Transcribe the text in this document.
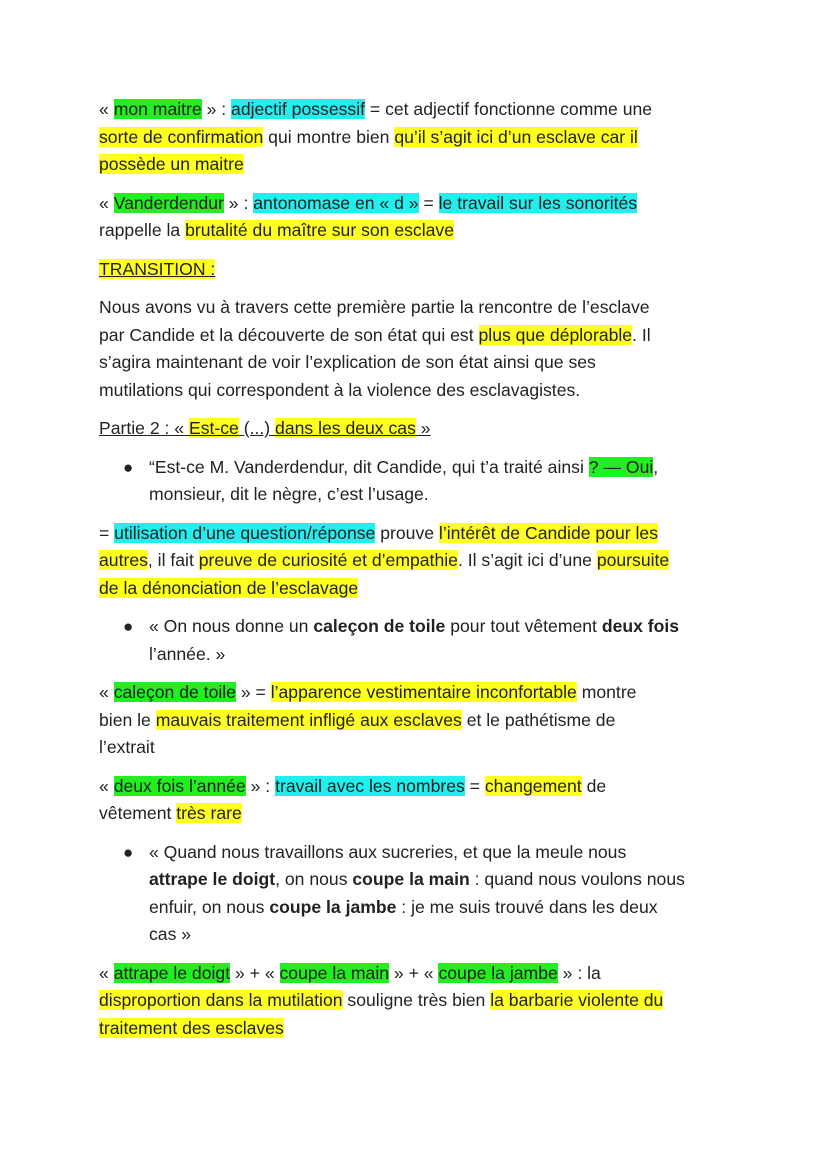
« mon maitre » : adjectif possessif = cet adjectif fonctionne comme une
sorte de confirmation qui montre bien qu’il s’agit ici d’un esclave car il
possède un maitre
« Vanderdendur » : antonomase en « d » = le travail sur les sonorités
rappelle la brutalité du maître sur son esclave
TRANSITION :
Nous avons vu à travers cette première partie la rencontre de l’esclave
par Candide et la découverte de son état qui est plus que déplorable. Il
s’agira maintenant de voir l’explication de son état ainsi que ses
mutilations qui correspondent à la violence des esclavagistes.
Partie 2 : « Est-ce (...) dans les deux cas »
● “Est-ce M. Vanderdendur, dit Candide, qui t’a traité ainsi ? — Oui,
monsieur, dit le nègre, c’est l’usage.
= utilisation d’une question/réponse prouve l’intérêt de Candide pour les
autres, il fait preuve de curiosité et d’empathie. Il s’agit ici d’une poursuite
de la dénonciation de l’esclavage
● « On nous donne un caleçon de toile pour tout vêtement deux fois
l’année. »
« caleçon de toile » = l’apparence vestimentaire inconfortable montre
bien le mauvais traitement infligé aux esclaves et le pathétisme de
l’extrait
« deux fois l’année » : travail avec les nombres = changement de
vêtement très rare
● « Quand nous travaillons aux sucreries, et que la meule nous
attrape le doigt, on nous coupe la main : quand nous voulons nous
enfuir, on nous coupe la jambe : je me suis trouvé dans les deux
cas »
« attrape le doigt » + « coupe la main » + « coupe la jambe » : la
disproportion dans la mutilation souligne très bien la barbarie violente du
traitement des esclaves
